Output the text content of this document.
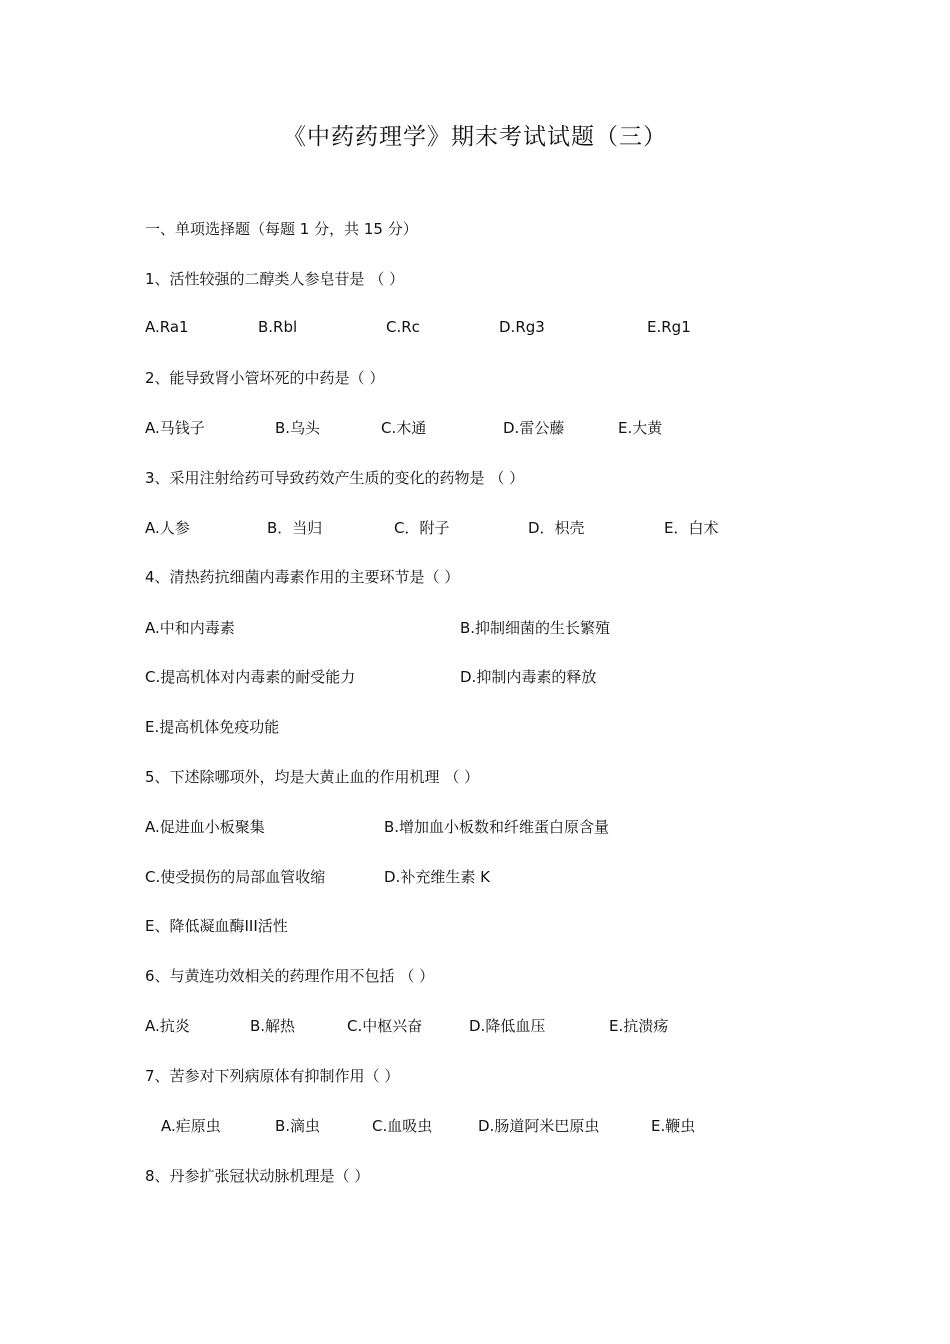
《中药药理学》期末考试试题（三）
一、单项选择题（每题 1 分，共 15 分）
1、活性较强的二醇类人参皂苷是 （ ）
A.Ra1	B.Rbl	C.Rc	D.Rg3	E.Rg1
2、能导致肾小管坏死的中药是（ ）
A.马钱子	B.乌头	C.木通	D.雷公藤	E.大黄
3、采用注射给药可导致药效产生质的变化的药物是 （ ）
A.人参	B．当归	C．附子	D．枳壳	E．白术
4、清热药抗细菌内毒素作用的主要环节是（ ）
A.中和内毒素	B.抑制细菌的生长繁殖
C.提高机体对内毒素的耐受能力	D.抑制内毒素的释放
E.提高机体免疫功能
5、下述除哪项外，均是大黄止血的作用机理 （ ）
A.促进血小板聚集	B.增加血小板数和纤维蛋白原含量
C.使受损伤的局部血管收缩	D.补充维生素 K
E、降低凝血酶III活性
6、与黄连功效相关的药理作用不包括 （ ）
A.抗炎	B.解热	C.中枢兴奋	D.降低血压	E.抗溃疡
7、苦参对下列病原体有抑制作用（ ）
A.疟原虫	B.滴虫	C.血吸虫	D.肠道阿米巴原虫	E.鞭虫
8、丹参扩张冠状动脉机理是（ ）
